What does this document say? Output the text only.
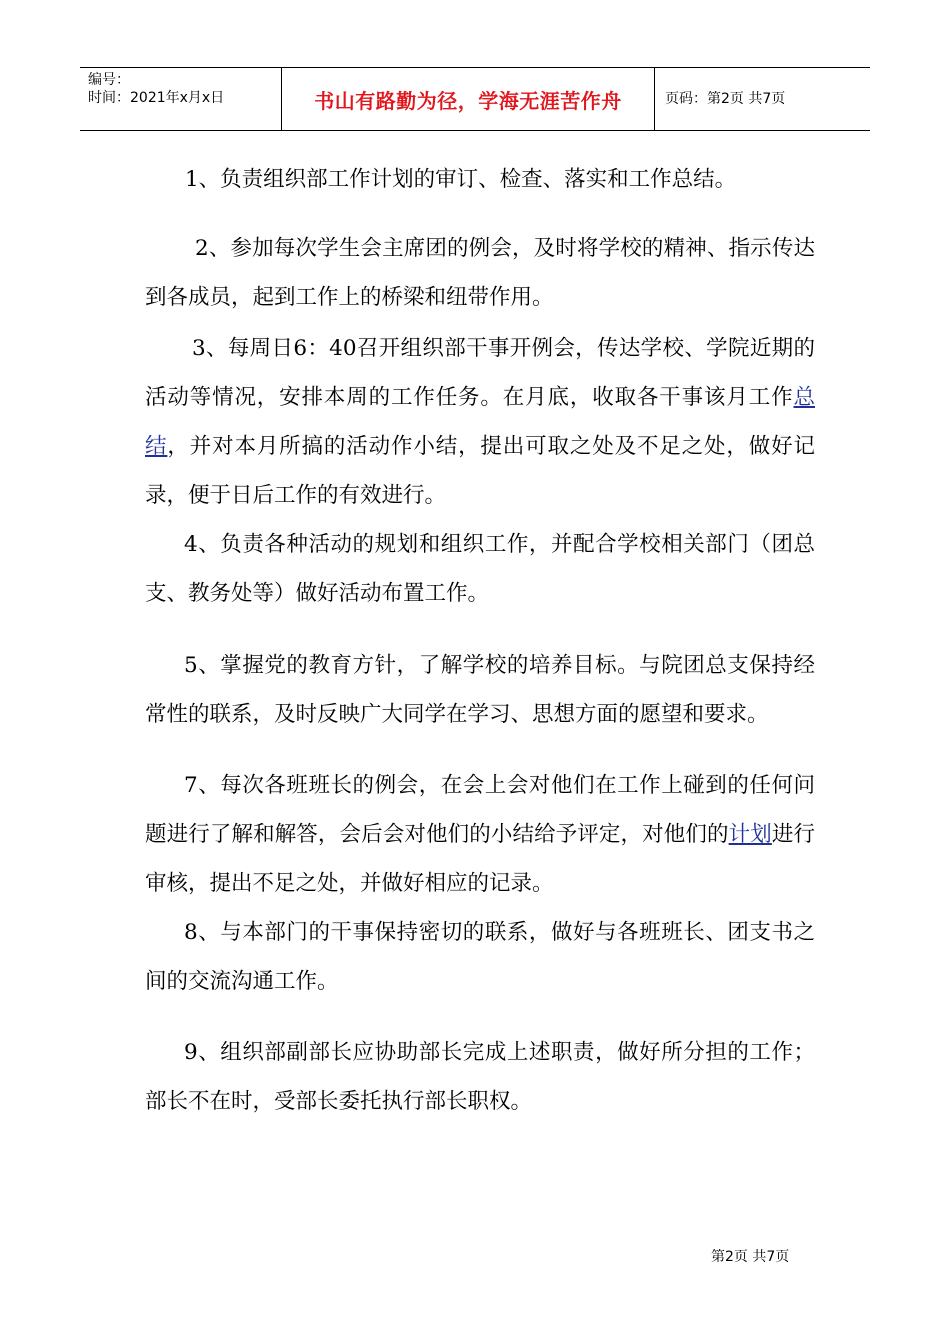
编号：
时间：2021年x月x日	书山有路勤为径，学海无涯苦作舟	页码：第2页 共7页

1、负责组织部工作计划的审订、检查、落实和工作总结。

2、参加每次学生会主席团的例会，及时将学校的精神、指示传达到各成员，起到工作上的桥梁和纽带作用。

3、每周日6：40召开组织部干事开例会，传达学校、学院近期的活动等情况，安排本周的工作任务。在月底，收取各干事该月工作总结，并对本月所搞的活动作小结，提出可取之处及不足之处，做好记录，便于日后工作的有效进行。

4、负责各种活动的规划和组织工作，并配合学校相关部门（团总支、教务处等）做好活动布置工作。

5、掌握党的教育方针，了解学校的培养目标。与院团总支保持经常性的联系，及时反映广大同学在学习、思想方面的愿望和要求。

7、每次各班班长的例会，在会上会对他们在工作上碰到的任何问题进行了解和解答，会后会对他们的小结给予评定，对他们的计划进行审核，提出不足之处，并做好相应的记录。

8、与本部门的干事保持密切的联系，做好与各班班长、团支书之间的交流沟通工作。

9、组织部副部长应协助部长完成上述职责，做好所分担的工作；部长不在时，受部长委托执行部长职权。

第2页 共7页
